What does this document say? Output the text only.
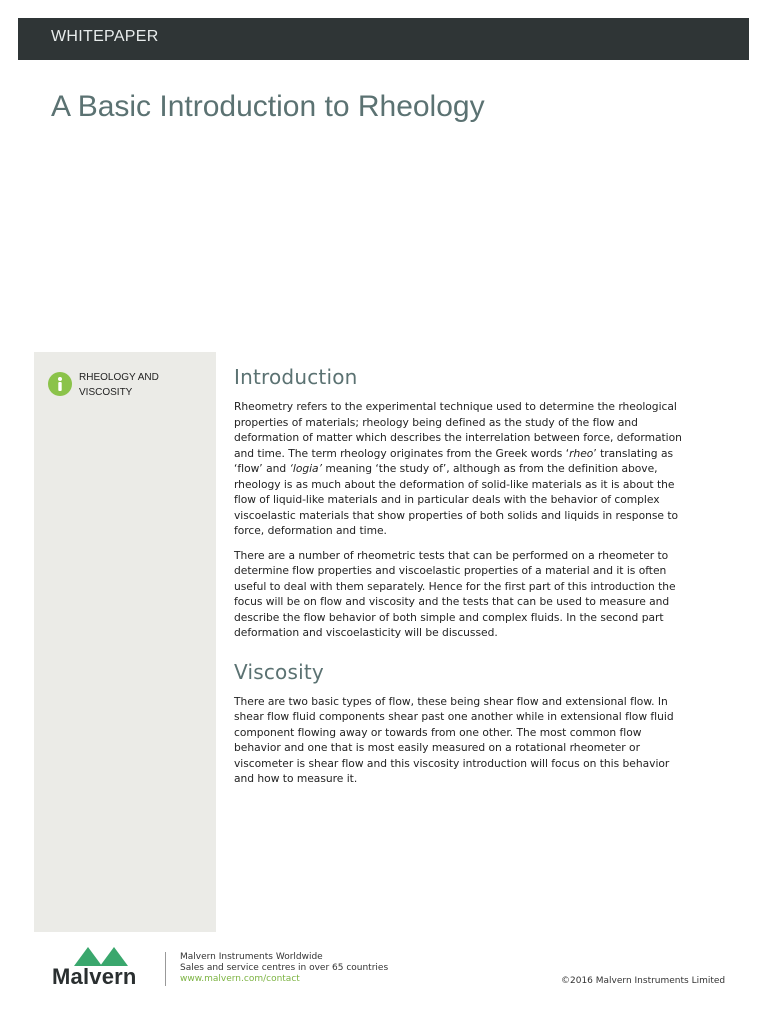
WHITEPAPER
A Basic Introduction to Rheology
RHEOLOGY AND
VISCOSITY
Introduction

Rheometry refers to the experimental technique used to determine the rheological properties of materials; rheology being defined as the study of the flow and deformation of matter which describes the interrelation between force, deformation and time. The term rheology originates from the Greek words ‘rheo’ translating as ‘flow’ and ‘logia’ meaning ‘the study of’, although as from the definition above, rheology is as much about the deformation of solid-like materials as it is about the flow of liquid-like materials and in particular deals with the behavior of complex viscoelastic materials that show properties of both solids and liquids in response to force, deformation and time.

There are a number of rheometric tests that can be performed on a rheometer to determine flow properties and viscoelastic properties of a material and it is often useful to deal with them separately. Hence for the first part of this introduction the focus will be on flow and viscosity and the tests that can be used to measure and describe the flow behavior of both simple and complex fluids. In the second part deformation and viscoelasticity will be discussed.

Viscosity

There are two basic types of flow, these being shear flow and extensional flow. In shear flow fluid components shear past one another while in extensional flow fluid component flowing away or towards from one other. The most common flow behavior and one that is most easily measured on a rotational rheometer or viscometer is shear flow and this viscosity introduction will focus on this behavior and how to measure it.

Malvern
Malvern Instruments Worldwide
Sales and service centres in over 65 countries
www.malvern.com/contact	©2016 Malvern Instruments Limited
